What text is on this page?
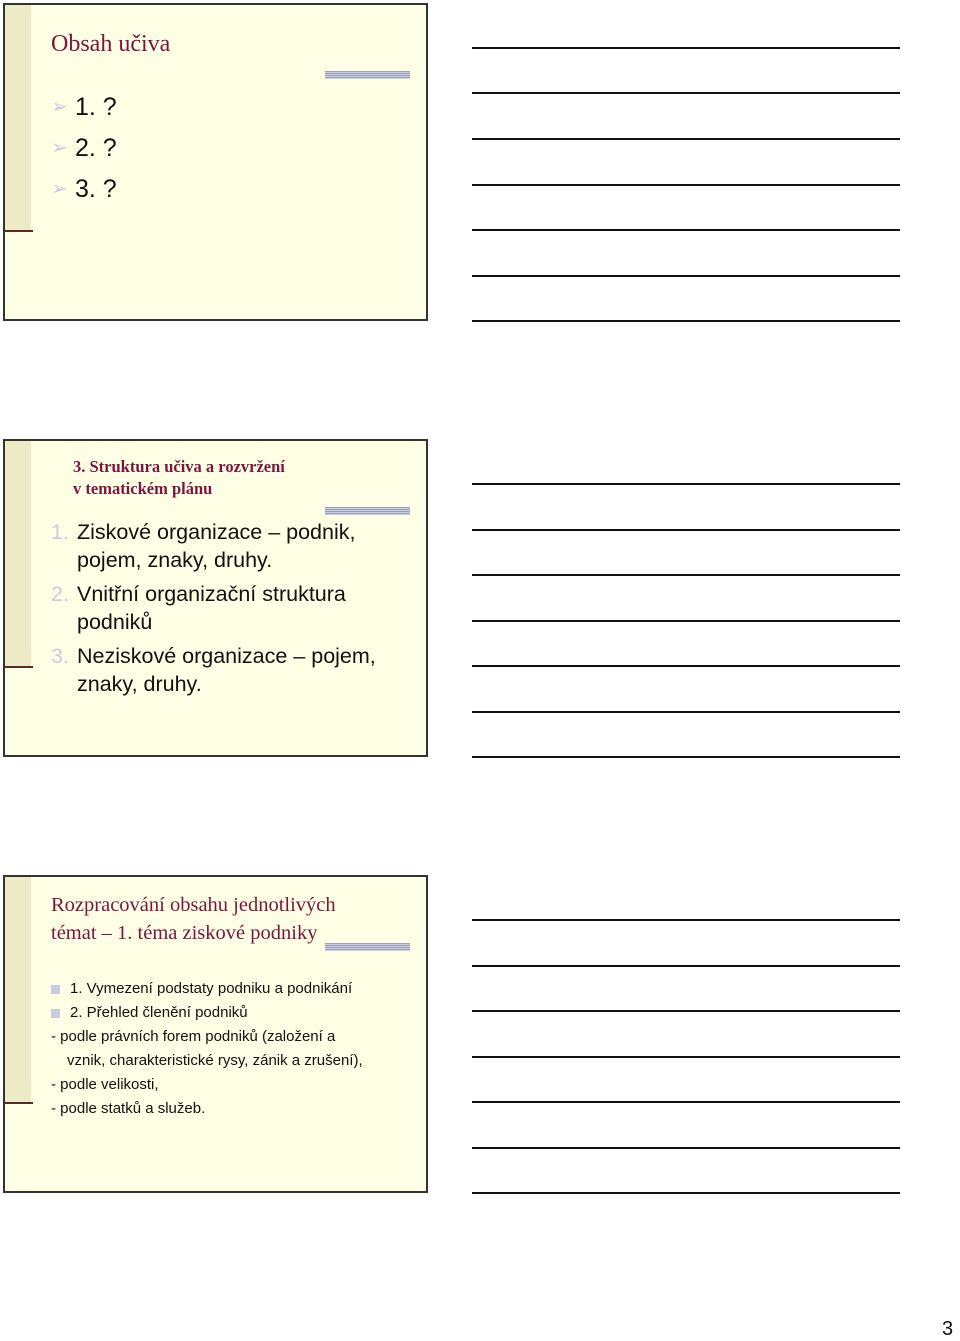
Obsah učiva
➢ 1. ?
➢ 2. ?
➢ 3. ?
3. Struktura učiva a rozvržení
v tematickém plánu
1. Ziskové organizace – podnik, pojem, znaky, druhy.
2. Vnitřní organizační struktura podniků
3. Neziskové organizace – pojem, znaky, druhy.
Rozpracování obsahu jednotlivých
témat – 1. téma ziskové podniky
1. Vymezení podstaty podniku a podnikání
2. Přehled členění podniků
- podle právních forem podniků (založení a
vznik, charakteristické rysy, zánik a zrušení),
- podle velikosti,
- podle statků a služeb.
3
